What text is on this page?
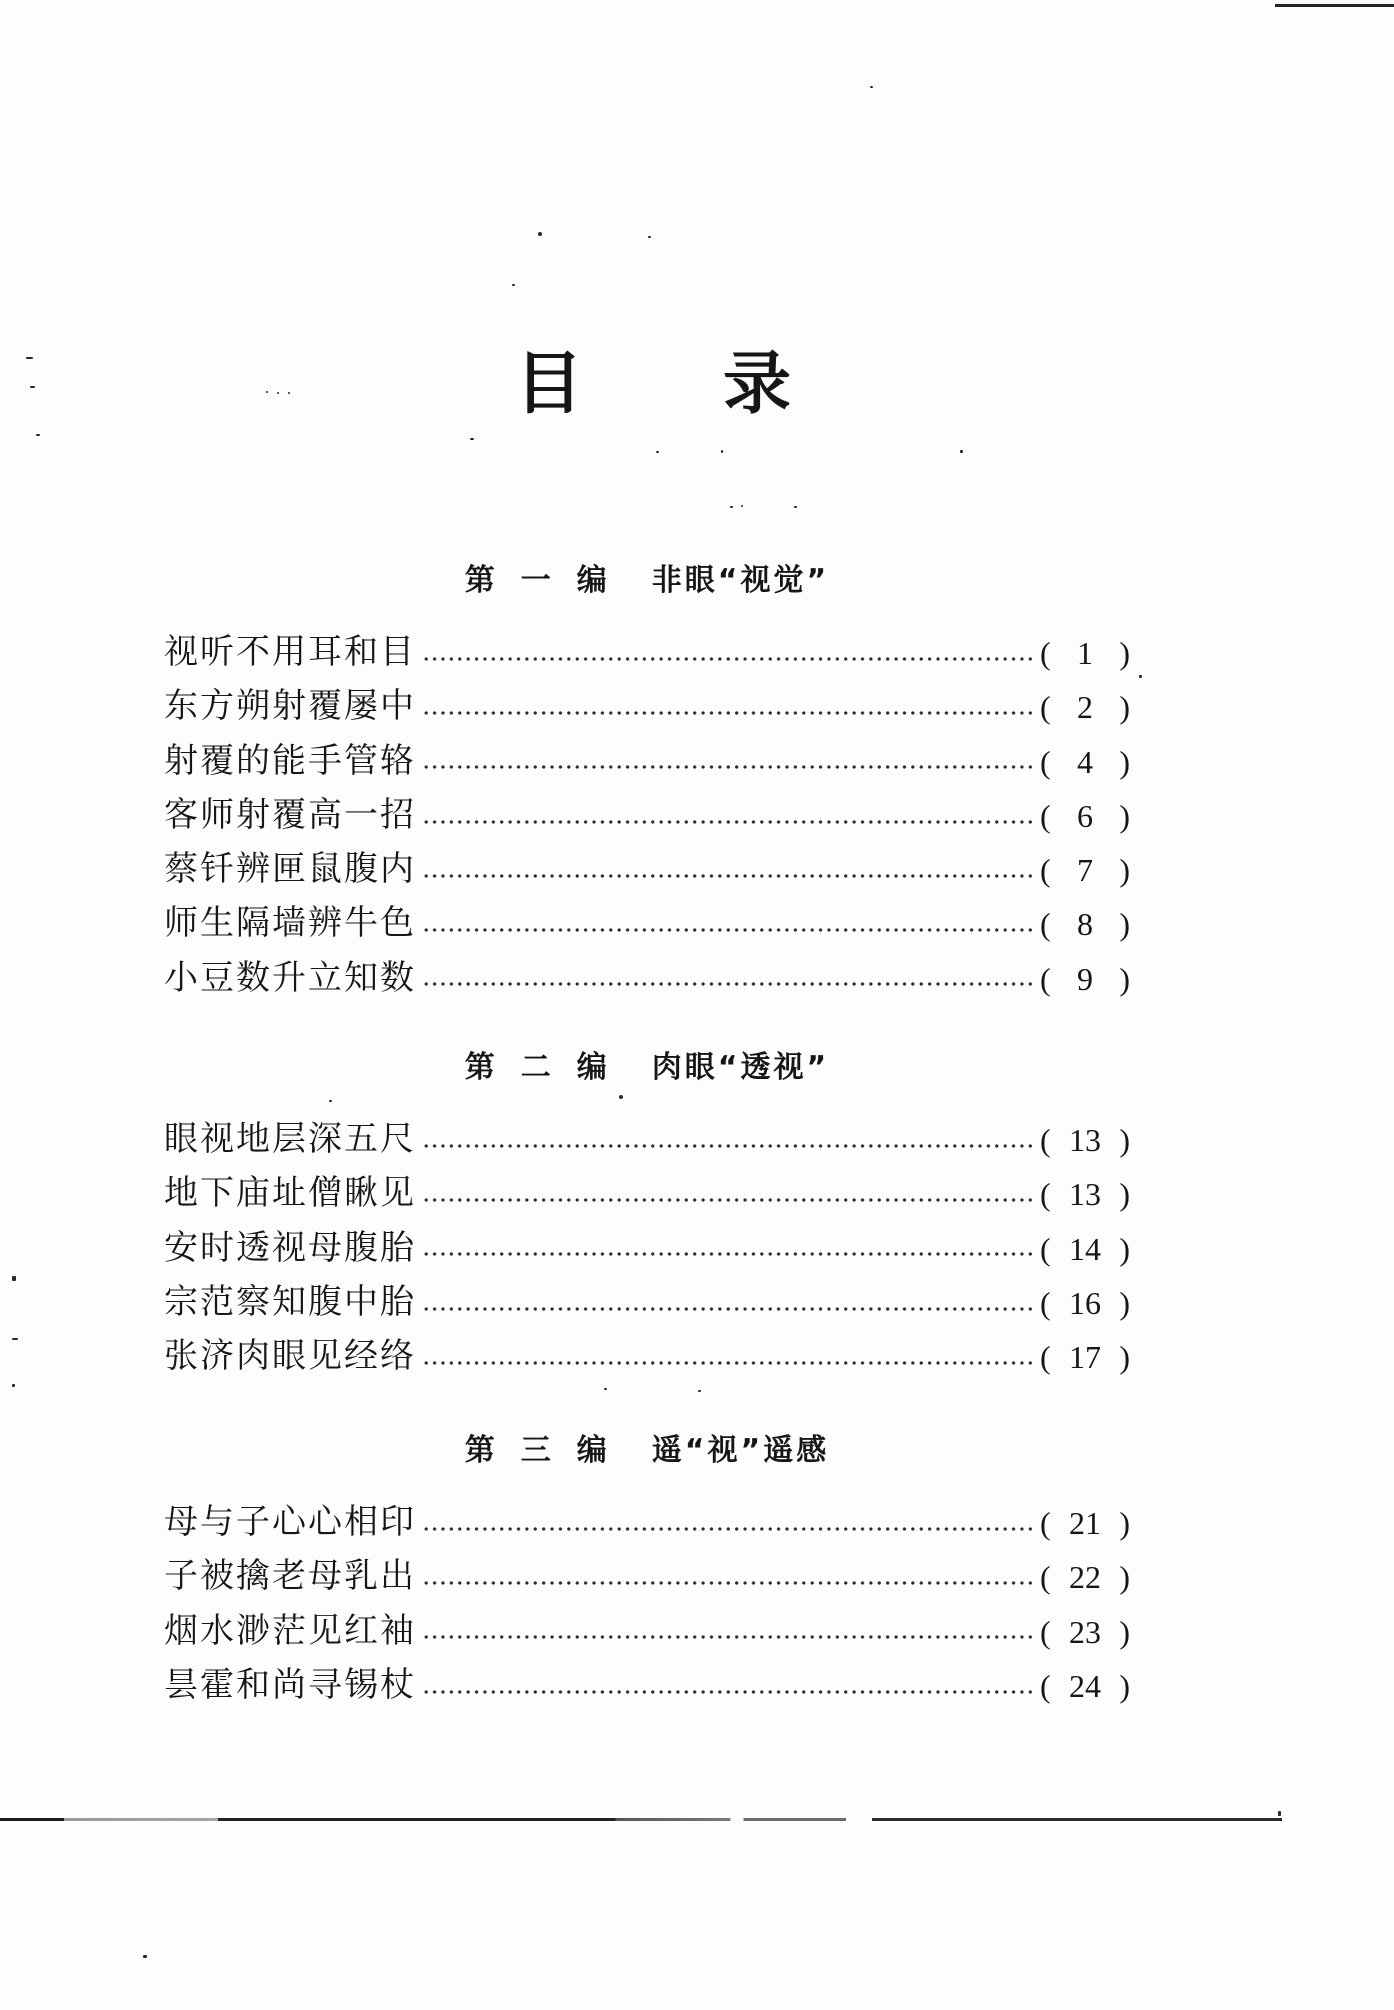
目录
第一编 非眼“视觉”
视听不用耳和目	( 1 )
东方朔射覆屡中	( 2 )
射覆的能手管辂	( 4 )
客师射覆高一招	( 6 )
蔡钎辨匣鼠腹内	( 7 )
师生隔墙辨牛色	( 8 )
小豆数升立知数	( 9 )
第二编 肉眼“透视”
眼视地层深五尺	( 13 )
地下庙址僧瞅见	( 13 )
安时透视母腹胎	( 14 )
宗范察知腹中胎	( 16 )
张济肉眼见经络	( 17 )
第三编 遥“视”遥感
母与子心心相印	( 21 )
子被擒老母乳出	( 22 )
烟水渺茫见红袖	( 23 )
昙霍和尚寻锡杖	( 24 )
